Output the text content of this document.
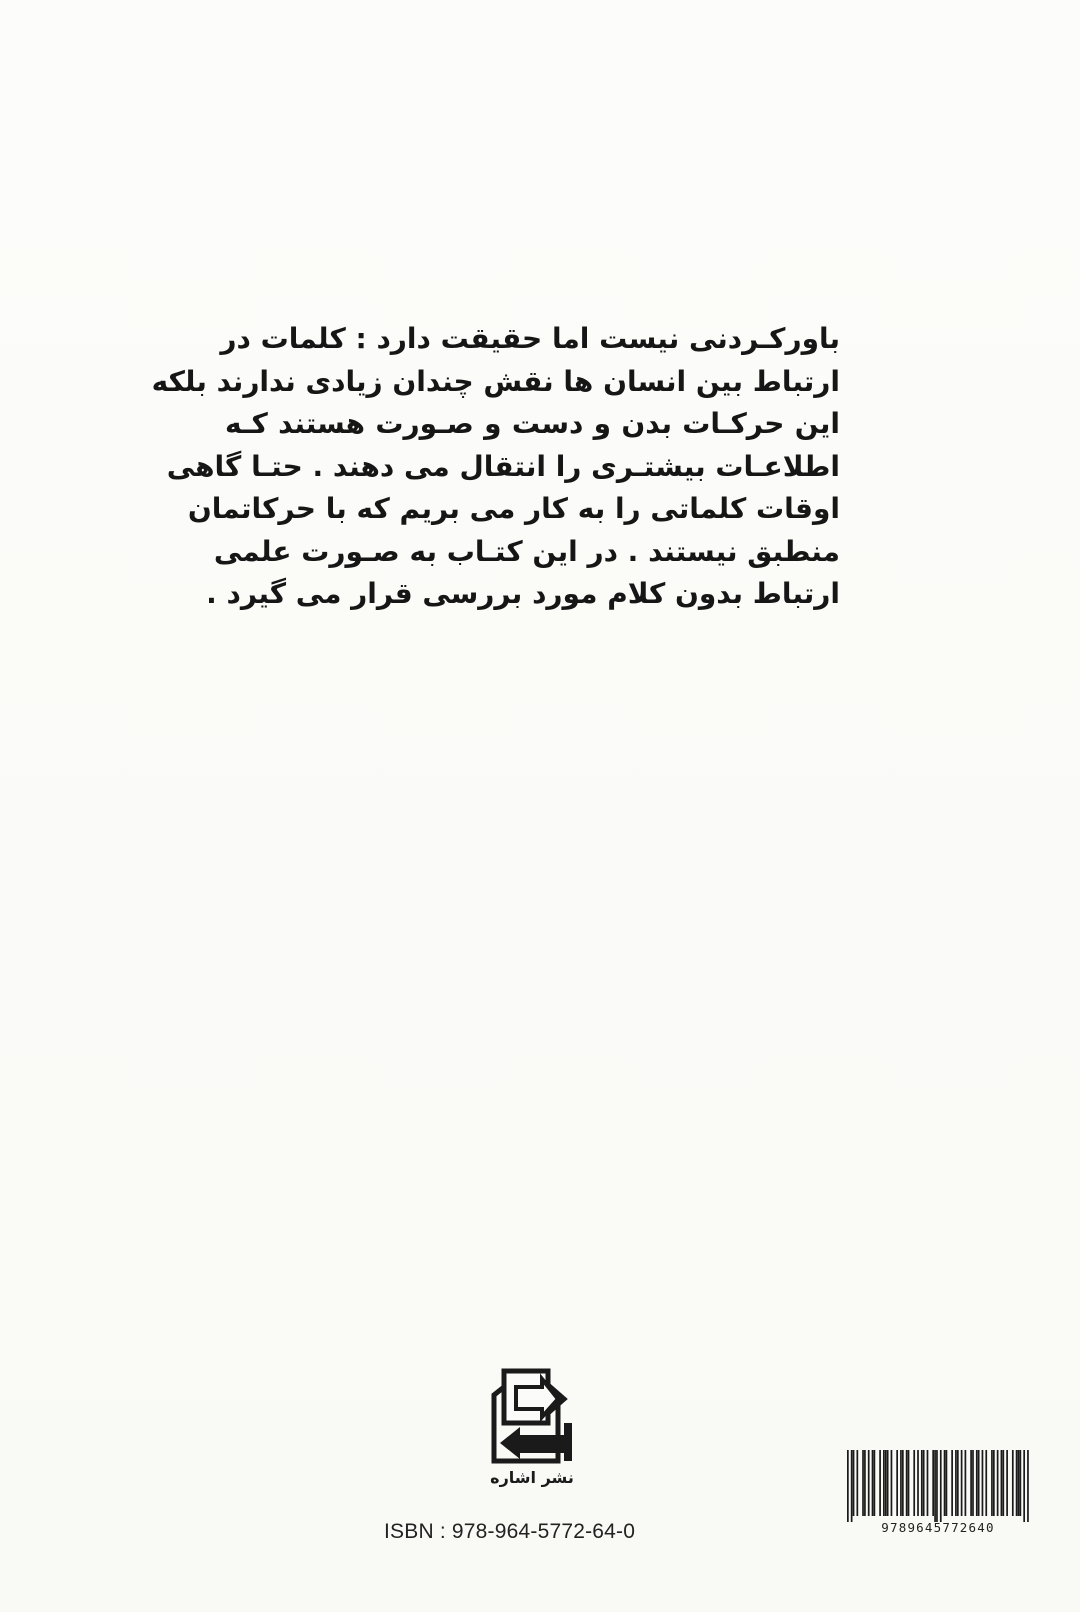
باورکـردنی نیست اما حقیقت دارد : کلمات در
ارتباط بین انسان ها نقش چندان زیادی ندارند بلکه
این حرکـات بدن و دست و صـورت هستند کـه
اطلاعـات بیشتـری را انتقال می دهند . حتـا گاهی
اوقات کلماتی را به کار می بریم که با حرکاتمان
منطبق نیستند . در این کتـاب به صـورت علمی
ارتباط بدون کلام مورد بررسی قرار می گیرد .
نشر اشاره
ISBN : 978-964-5772-64-0	9789645772640
